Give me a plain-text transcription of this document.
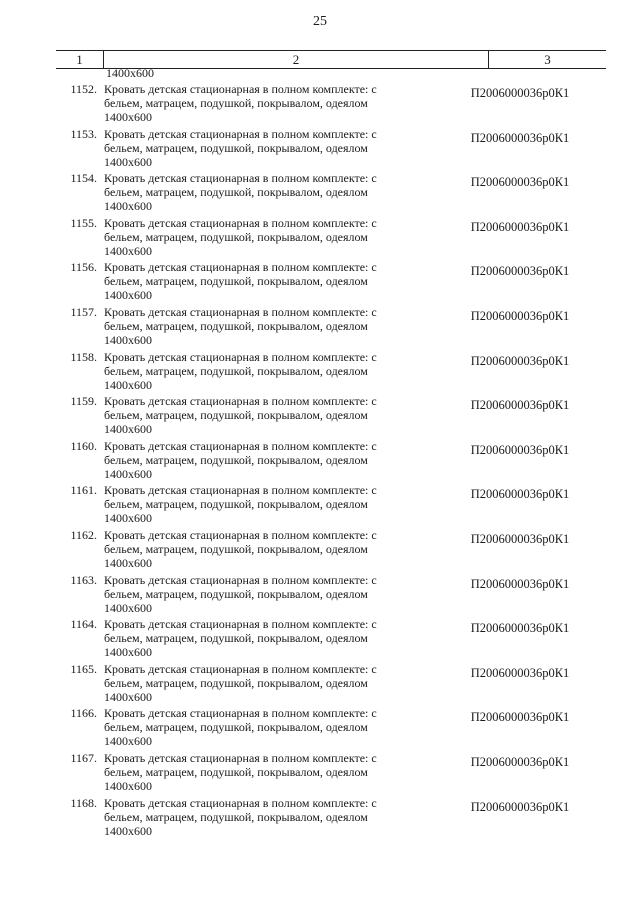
25
1	2	3
1400х600
1152. Кровать детская стационарная в полном комплекте: с
бельем, матрацем, подушкой, покрывалом, одеялом
1400х600
П2006000036р0К1
1153. Кровать детская стационарная в полном комплекте: с
бельем, матрацем, подушкой, покрывалом, одеялом
1400х600
П2006000036р0К1
1154. Кровать детская стационарная в полном комплекте: с
бельем, матрацем, подушкой, покрывалом, одеялом
1400х600
П2006000036р0К1
1155. Кровать детская стационарная в полном комплекте: с
бельем, матрацем, подушкой, покрывалом, одеялом
1400х600
П2006000036р0К1
1156. Кровать детская стационарная в полном комплекте: с
бельем, матрацем, подушкой, покрывалом, одеялом
1400х600
П2006000036р0К1
1157. Кровать детская стационарная в полном комплекте: с
бельем, матрацем, подушкой, покрывалом, одеялом
1400х600
П2006000036р0К1
1158. Кровать детская стационарная в полном комплекте: с
бельем, матрацем, подушкой, покрывалом, одеялом
1400х600
П2006000036р0К1
1159. Кровать детская стационарная в полном комплекте: с
бельем, матрацем, подушкой, покрывалом, одеялом
1400х600
П2006000036р0К1
1160. Кровать детская стационарная в полном комплекте: с
бельем, матрацем, подушкой, покрывалом, одеялом
1400х600
П2006000036р0К1
1161. Кровать детская стационарная в полном комплекте: с
бельем, матрацем, подушкой, покрывалом, одеялом
1400х600
П2006000036р0К1
1162. Кровать детская стационарная в полном комплекте: с
бельем, матрацем, подушкой, покрывалом, одеялом
1400х600
П2006000036р0К1
1163. Кровать детская стационарная в полном комплекте: с
бельем, матрацем, подушкой, покрывалом, одеялом
1400х600
П2006000036р0К1
1164. Кровать детская стационарная в полном комплекте: с
бельем, матрацем, подушкой, покрывалом, одеялом
1400х600
П2006000036р0К1
1165. Кровать детская стационарная в полном комплекте: с
бельем, матрацем, подушкой, покрывалом, одеялом
1400х600
П2006000036р0К1
1166. Кровать детская стационарная в полном комплекте: с
бельем, матрацем, подушкой, покрывалом, одеялом
1400х600
П2006000036р0К1
1167. Кровать детская стационарная в полном комплекте: с
бельем, матрацем, подушкой, покрывалом, одеялом
1400х600
П2006000036р0К1
1168. Кровать детская стационарная в полном комплекте: с
бельем, матрацем, подушкой, покрывалом, одеялом
1400х600
П2006000036р0К1
